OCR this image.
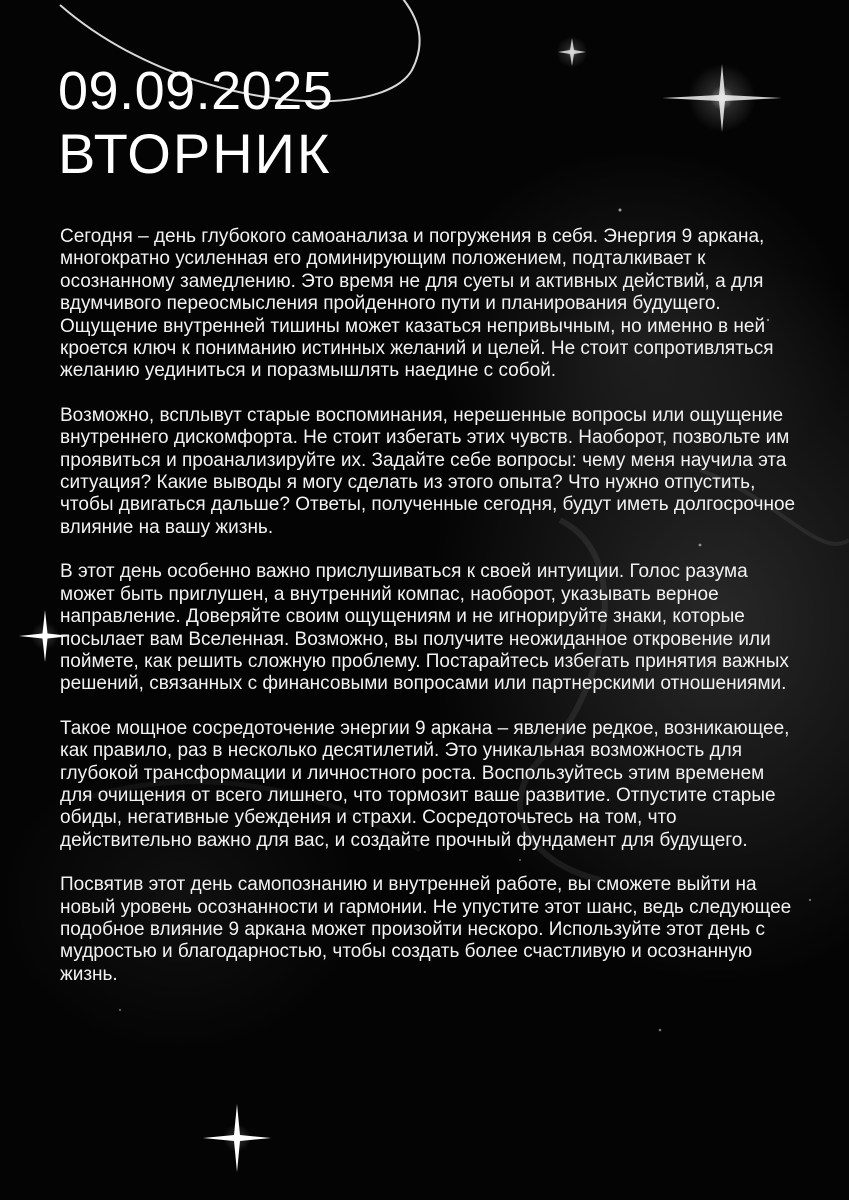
09.09.2025
ВТОРНИК

Сегодня – день глубокого самоанализа и погружения в себя. Энергия 9 аркана, многократно усиленная его доминирующим положением, подталкивает к осознанному замедлению. Это время не для суеты и активных действий, а для вдумчивого переосмысления пройденного пути и планирования будущего. Ощущение внутренней тишины может казаться непривычным, но именно в ней кроется ключ к пониманию истинных желаний и целей. Не стоит сопротивляться желанию уединиться и поразмышлять наедине с собой.

Возможно, всплывут старые воспоминания, нерешенные вопросы или ощущение внутреннего дискомфорта. Не стоит избегать этих чувств. Наоборот, позвольте им проявиться и проанализируйте их. Задайте себе вопросы: чему меня научила эта ситуация? Какие выводы я могу сделать из этого опыта? Что нужно отпустить, чтобы двигаться дальше? Ответы, полученные сегодня, будут иметь долгосрочное влияние на вашу жизнь.

В этот день особенно важно прислушиваться к своей интуиции. Голос разума может быть приглушен, а внутренний компас, наоборот, указывать верное направление. Доверяйте своим ощущениям и не игнорируйте знаки, которые посылает вам Вселенная. Возможно, вы получите неожиданное откровение или поймете, как решить сложную проблему. Постарайтесь избегать принятия важных решений, связанных с финансовыми вопросами или партнерскими отношениями.

Такое мощное сосредоточение энергии 9 аркана – явление редкое, возникающее, как правило, раз в несколько десятилетий. Это уникальная возможность для глубокой трансформации и личностного роста. Воспользуйтесь этим временем для очищения от всего лишнего, что тормозит ваше развитие. Отпустите старые обиды, негативные убеждения и страхи. Сосредоточьтесь на том, что действительно важно для вас, и создайте прочный фундамент для будущего.

Посвятив этот день самопознанию и внутренней работе, вы сможете выйти на новый уровень осознанности и гармонии. Не упустите этот шанс, ведь следующее подобное влияние 9 аркана может произойти нескоро. Используйте этот день с мудростью и благодарностью, чтобы создать более счастливую и осознанную жизнь.
